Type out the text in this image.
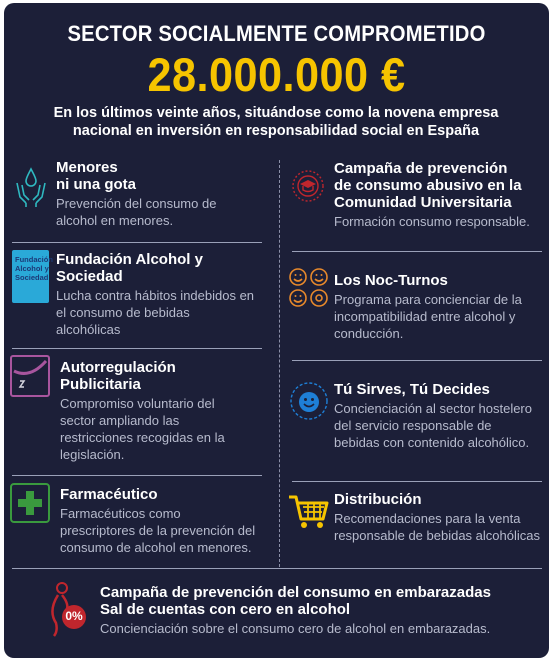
SECTOR SOCIALMENTE COMPROMETIDO
28.000.000 €
En los últimos veinte años, situándose como la novena empresa
nacional en inversión en responsabilidad social en España
Menores
ni una gota
Prevención del consumo de
alcohol en menores.
Fundación
Alcohol y
Sociedad
Fundación Alcohol y
Sociedad
Lucha contra hábitos indebidos en
el consumo de bebidas
alcohólicas
Autorregulación
Publicitaria
Compromiso voluntario del
sector ampliando las
restricciones recogidas en la
legislación.
Farmacéutico
Farmacéuticos como
prescriptores de la prevención del
consumo de alcohol en menores.
Campaña de prevención
de consumo abusivo en la
Comunidad Universitaria
Formación consumo responsable.
Los Noc-Turnos
Programa para concienciar de la
incompatibilidad entre alcohol y
conducción.
Tú Sirves, Tú Decides
Concienciación al sector hostelero
del servicio responsable de
bebidas con contenido alcohólico.
Distribución
Recomendaciones para la venta
responsable de bebidas alcohólicas
0%
Campaña de prevención del consumo en embarazadas
Sal de cuentas con cero en alcohol
Concienciación sobre el consumo cero de alcohol en embarazadas.
